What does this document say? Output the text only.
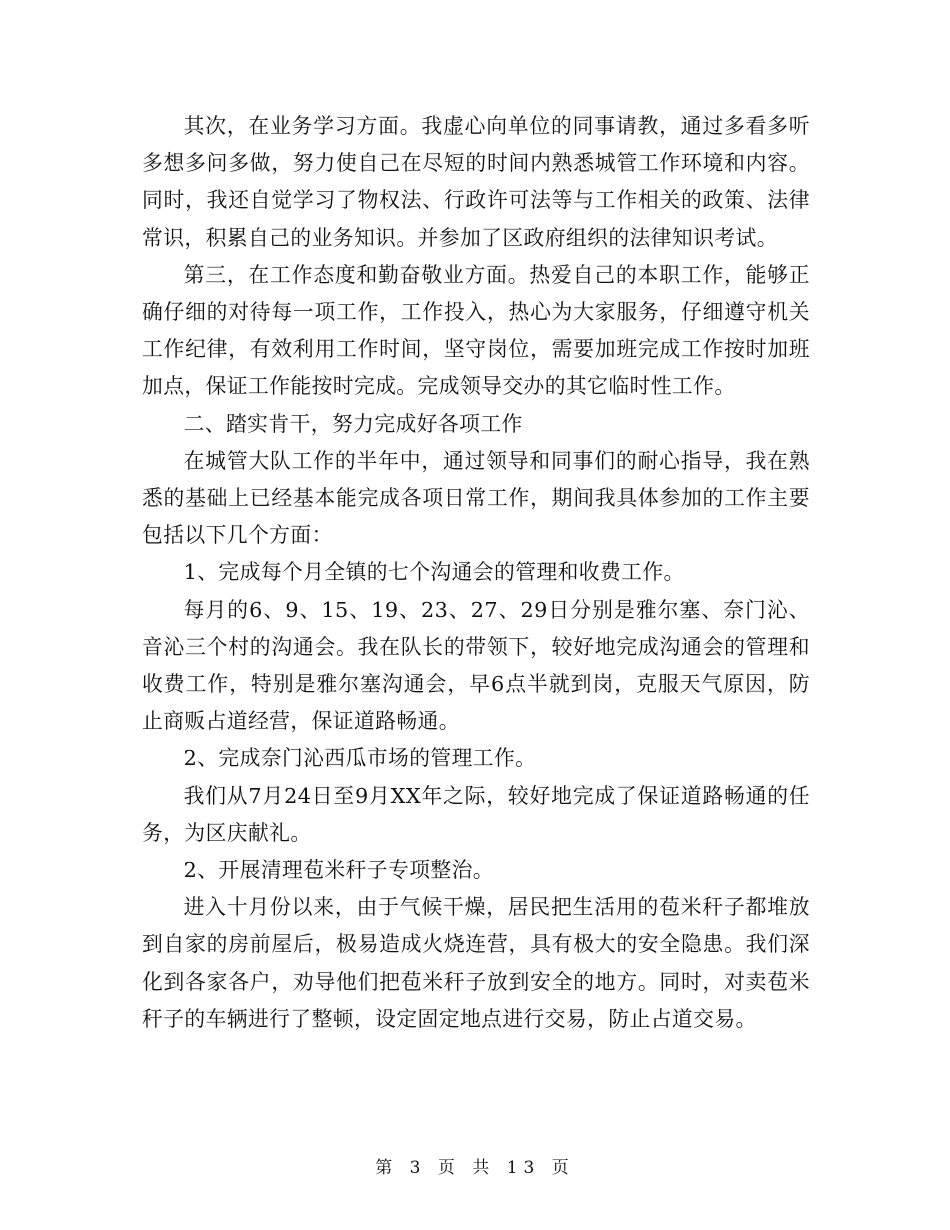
其次，在业务学习方面。我虚心向单位的同事请教，通过多看多听多想多问多做，努力使自己在尽短的时间内熟悉城管工作环境和内容。同时，我还自觉学习了物权法、行政许可法等与工作相关的政策、法律常识，积累自己的业务知识。并参加了区政府组织的法律知识考试。

第三，在工作态度和勤奋敬业方面。热爱自己的本职工作，能够正确仔细的对待每一项工作，工作投入，热心为大家服务，仔细遵守机关工作纪律，有效利用工作时间，坚守岗位，需要加班完成工作按时加班加点，保证工作能按时完成。完成领导交办的其它临时性工作。

二、踏实肯干，努力完成好各项工作

在城管大队工作的半年中，通过领导和同事们的耐心指导，我在熟悉的基础上已经基本能完成各项日常工作，期间我具体参加的工作主要包括以下几个方面：

1、完成每个月全镇的七个沟通会的管理和收费工作。

每月的6、9、15、19、23、27、29日分别是雅尔塞、奈门沁、音沁三个村的沟通会。我在队长的带领下，较好地完成沟通会的管理和收费工作，特别是雅尔塞沟通会，早6点半就到岗，克服天气原因，防止商贩占道经营，保证道路畅通。

2、完成奈门沁西瓜市场的管理工作。

我们从7月24日至9月XX年之际，较好地完成了保证道路畅通的任务，为区庆献礼。

2、开展清理苞米秆子专项整治。

进入十月份以来，由于气候干燥，居民把生活用的苞米秆子都堆放到自家的房前屋后，极易造成火烧连营，具有极大的安全隐患。我们深化到各家各户，劝导他们把苞米秆子放到安全的地方。同时，对卖苞米秆子的车辆进行了整顿，设定固定地点进行交易，防止占道交易。

第 3 页 共 13 页
